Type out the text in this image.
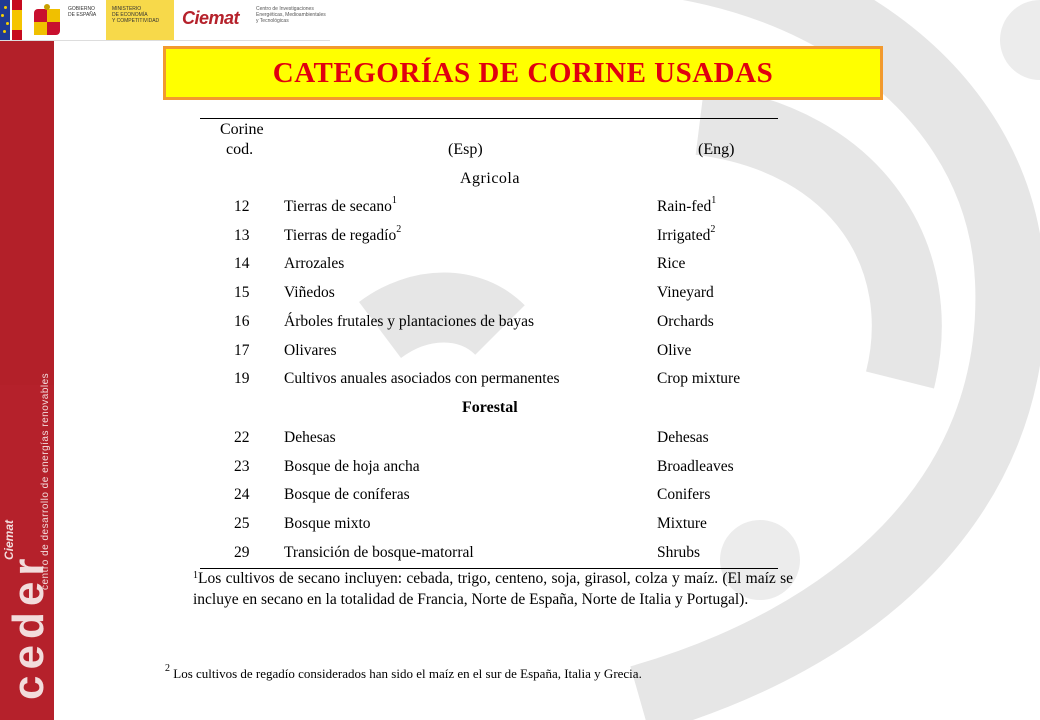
Ciemat
ceder
centro de desarrollo de energías renovables
GOBIERNO
DE ESPAÑA
MINISTERIO
DE ECONOMÍA
Y COMPETITIVIDAD	Ciemat	Centro de Investigaciones
Energéticas, Medioambientales
y Tecnológicas
CATEGORÍAS DE CORINE USADAS
Corine
cod.	(Esp)	(Eng)
Agricola
12 Tierras de secano$^1$	Rain-fed$^1$
13 Tierras de regadío$^2$	Irrigated$^2$
14 Arrozales	Rice
15 Viñedos	Vineyard
16 Árboles frutales y plantaciones de bayas	Orchards
17 Olivares	Olive
19 Cultivos anuales asociados con permanentes	Crop mixture
Forestal
22 Dehesas	Dehesas
23 Bosque de hoja ancha	Broadleaves
24 Bosque de coníferas	Conifers
25 Bosque mixto	Mixture
29 Transición de bosque-matorral	Shrubs
$^1$Los cultivos de secano incluyen: cebada, trigo, centeno, soja, girasol, colza y maíz. (El maíz se incluye en secano en la totalidad de Francia, Norte de España, Norte de Italia y Portugal).
$^2$ Los cultivos de regadío considerados han sido el maíz en el sur de España, Italia y Grecia.
